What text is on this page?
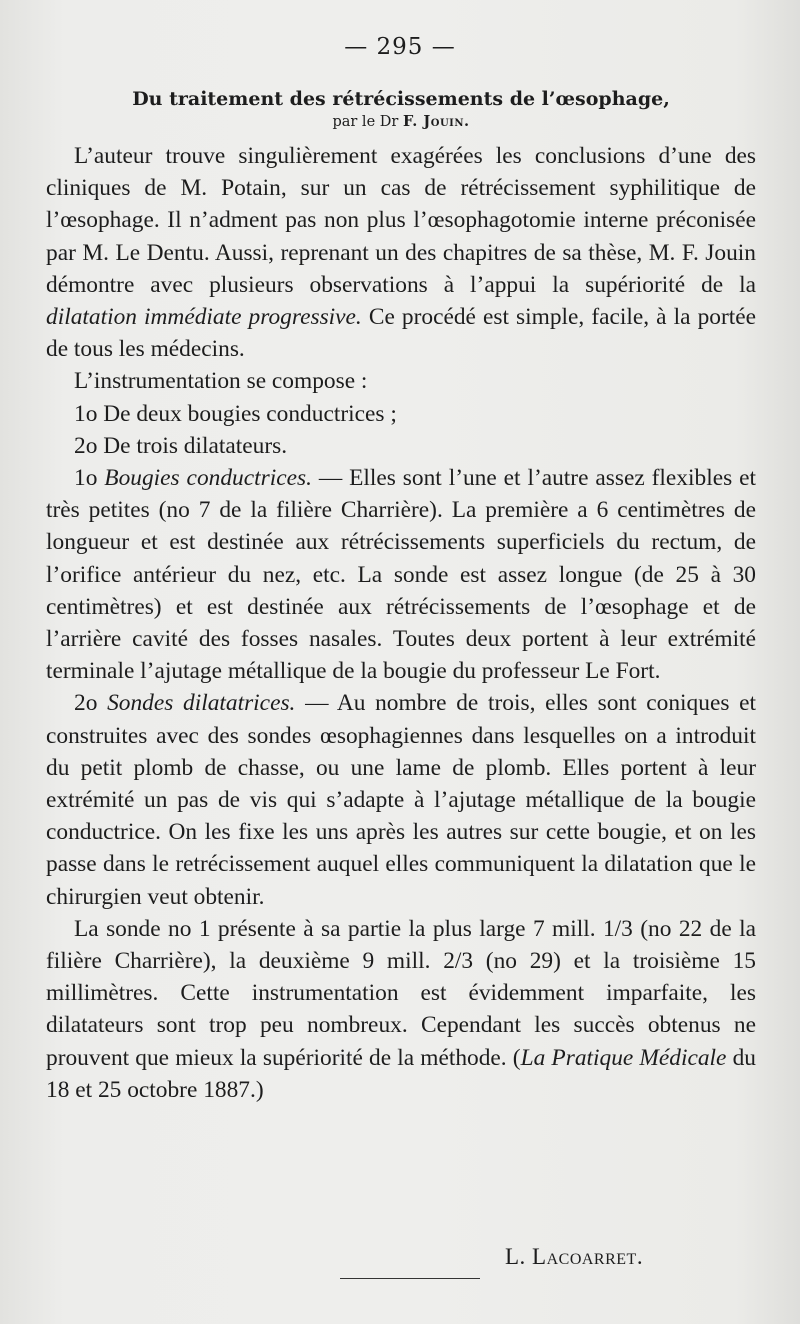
— 295 —
Du traitement des rétrécissements de l’œsophage,

par le Dr F. Jouin.

L’auteur trouve singulièrement exagérées les conclusions d’une des cliniques de M. Potain, sur un cas de rétrécissement syphilitique de l’œsophage. Il n’adment pas non plus l’œsophagotomie interne préconisée par M. Le Dentu. Aussi, reprenant un des chapitres de sa thèse, M. F. Jouin démontre avec plusieurs observations à l’appui la supériorité de la dilatation immédiate progressive. Ce procédé est simple, facile, à la portée de tous les médecins.

L’instrumentation se compose :

1o De deux bougies conductrices ;

2o De trois dilatateurs.

1o Bougies conductrices. — Elles sont l’une et l’autre assez flexibles et très petites (no 7 de la filière Charrière). La première a 6 centimètres de longueur et est destinée aux rétrécissements superficiels du rectum, de l’orifice antérieur du nez, etc. La sonde est assez longue (de 25 à 30 centimètres) et est destinée aux rétrécissements de l’œsophage et de l’arrière cavité des fosses nasales. Toutes deux portent à leur extrémité terminale l’ajutage métallique de la bougie du professeur Le Fort.

2o Sondes dilatatrices. — Au nombre de trois, elles sont coniques et construites avec des sondes œsophagiennes dans lesquelles on a introduit du petit plomb de chasse, ou une lame de plomb. Elles portent à leur extrémité un pas de vis qui s’adapte à l’ajutage métallique de la bougie conductrice. On les fixe les uns après les autres sur cette bougie, et on les passe dans le retrécissement auquel elles communiquent la dilatation que le chirurgien veut obtenir.

La sonde no 1 présente à sa partie la plus large 7 mill. 1/3 (no 22 de la filière Charrière), la deuxième 9 mill. 2/3 (no 29) et la troisième 15 millimètres. Cette instrumentation est évidemment imparfaite, les dilatateurs sont trop peu nombreux. Cependant les succès obtenus ne prouvent que mieux la supériorité de la méthode. (La Pratique Médicale du 18 et 25 octobre 1887.)

L. Lacoarret.
